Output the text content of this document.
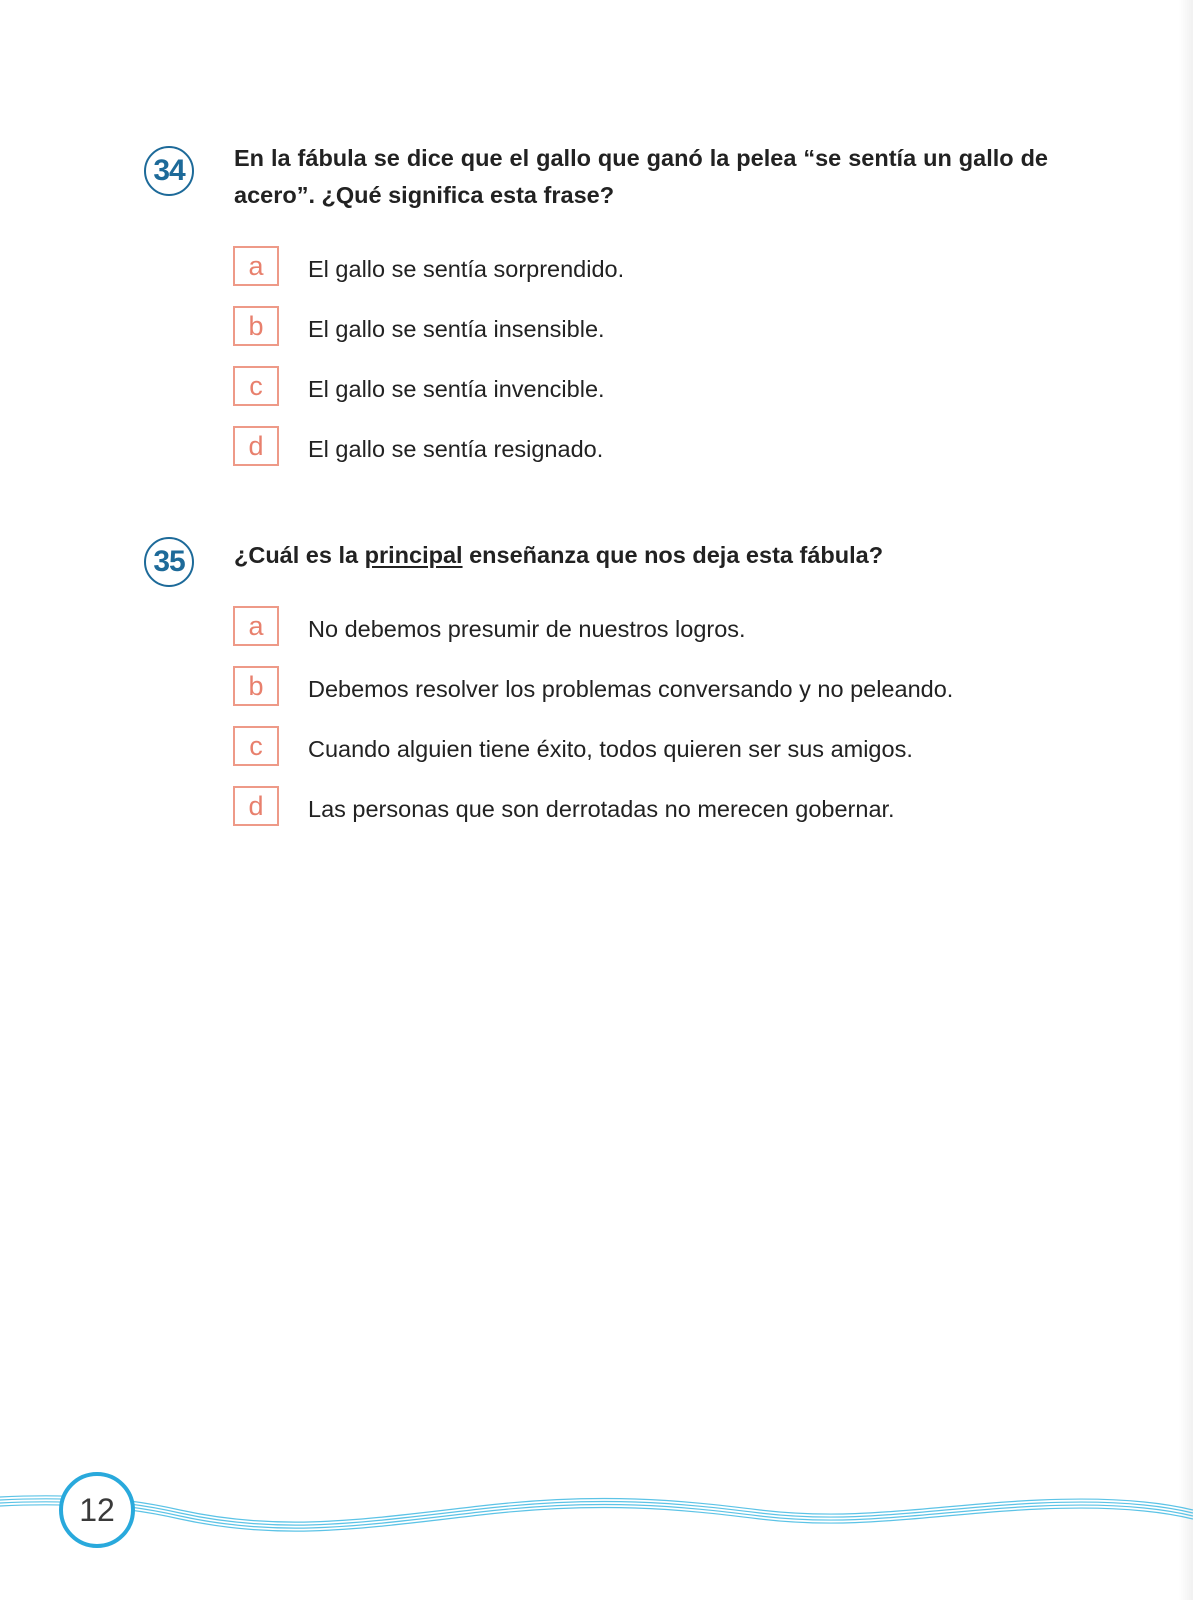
34	En la fábula se dice que el gallo que ganó la pelea “se sentía un gallo de acero”. ¿Qué significa esta frase?
a	El gallo se sentía sorprendido.
b	El gallo se sentía insensible.
c	El gallo se sentía invencible.
d	El gallo se sentía resignado.
35	¿Cuál es la principal enseñanza que nos deja esta fábula?
a	No debemos presumir de nuestros logros.
b	Debemos resolver los problemas conversando y no peleando.
c	Cuando alguien tiene éxito, todos quieren ser sus amigos.
d	Las personas que son derrotadas no merecen gobernar.
12
